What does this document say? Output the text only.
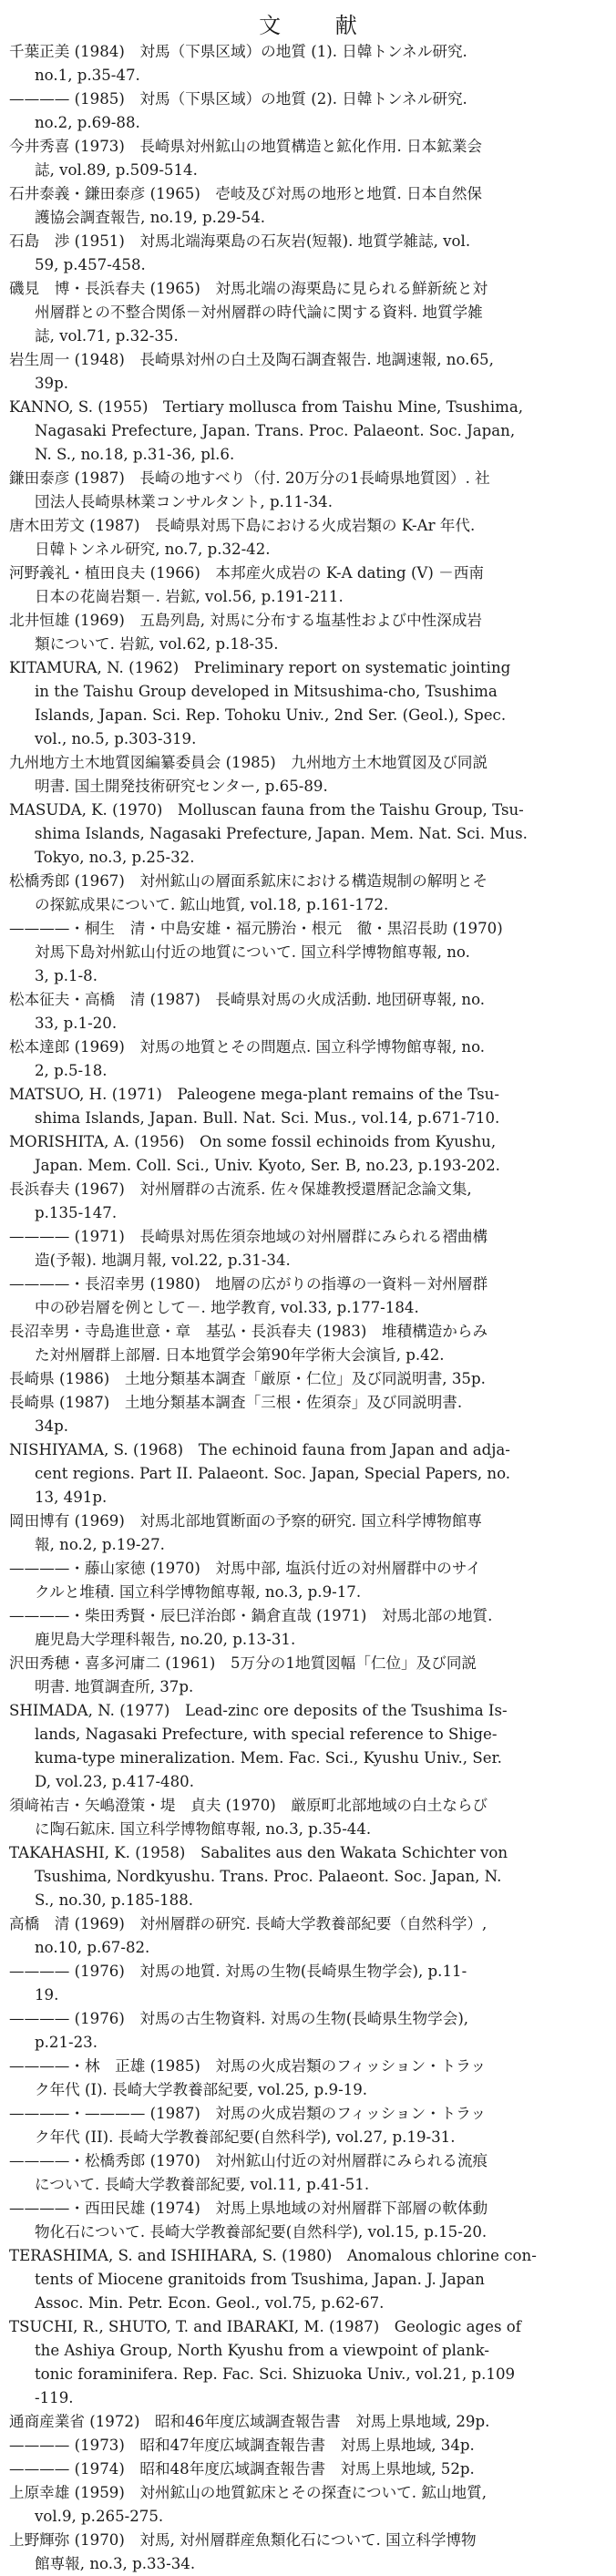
文 献
千葉正美 (1984)　対馬（下県区域）の地質 (1). 日韓トンネル研究.
no.1, p.35-47.
———— (1985)　対馬（下県区域）の地質 (2). 日韓トンネル研究.
no.2, p.69-88.
今井秀喜 (1973)　長崎県対州鉱山の地質構造と鉱化作用. 日本鉱業会
誌, vol.89, p.509-514.
石井泰義・鎌田泰彦 (1965)　壱岐及び対馬の地形と地質. 日本自然保
護協会調査報告, no.19, p.29-54.
石島　渉 (1951)　対馬北端海栗島の石灰岩(短報). 地質学雑誌, vol.
59, p.457-458.
磯見　博・長浜春夫 (1965)　対馬北端の海栗島に見られる鮮新統と対
州層群との不整合関係－対州層群の時代論に関する資料. 地質学雑
誌, vol.71, p.32-35.
岩生周一 (1948)　長崎県対州の白土及陶石調査報告. 地調速報, no.65,
39p.
KANNO, S. (1955)　Tertiary mollusca from Taishu Mine, Tsushima,
Nagasaki Prefecture, Japan. Trans. Proc. Palaeont. Soc. Japan,
N. S., no.18, p.31-36, pl.6.
鎌田泰彦 (1987)　長崎の地すべり（付. 20万分の1長崎県地質図）. 社
団法人長崎県林業コンサルタント, p.11-34.
唐木田芳文 (1987)　長崎県対馬下島における火成岩類の K-Ar 年代.
日韓トンネル研究, no.7, p.32-42.
河野義礼・植田良夫 (1966)　本邦産火成岩の K-A dating (V) －西南
日本の花崗岩類－. 岩鉱, vol.56, p.191-211.
北井恒雄 (1969)　五島列島, 対馬に分布する塩基性および中性深成岩
類について. 岩鉱, vol.62, p.18-35.
KITAMURA, N. (1962)　Preliminary report on systematic jointing
in the Taishu Group developed in Mitsushima-cho, Tsushima
Islands, Japan. Sci. Rep. Tohoku Univ., 2nd Ser. (Geol.), Spec.
vol., no.5, p.303-319.
九州地方土木地質図編纂委員会 (1985)　九州地方土木地質図及び同説
明書. 国土開発技術研究センター, p.65-89.
MASUDA, K. (1970)　Molluscan fauna from the Taishu Group, Tsu-
shima Islands, Nagasaki Prefecture, Japan. Mem. Nat. Sci. Mus.
Tokyo, no.3, p.25-32.
松橋秀郎 (1967)　対州鉱山の層面系鉱床における構造規制の解明とそ
の探鉱成果について. 鉱山地質, vol.18, p.161-172.
————・桐生　清・中島安雄・福元勝治・根元　徹・黒沼長助 (1970)
対馬下島対州鉱山付近の地質について. 国立科学博物館専報, no.
3, p.1-8.
松本征夫・高橋　清 (1987)　長崎県対馬の火成活動. 地団研専報, no.
33, p.1-20.
松本達郎 (1969)　対馬の地質とその問題点. 国立科学博物館専報, no.
2, p.5-18.
MATSUO, H. (1971)　Paleogene mega-plant remains of the Tsu-
shima Islands, Japan. Bull. Nat. Sci. Mus., vol.14, p.671-710.
MORISHITA, A. (1956)　On some fossil echinoids from Kyushu,
Japan. Mem. Coll. Sci., Univ. Kyoto, Ser. B, no.23, p.193-202.
長浜春夫 (1967)　対州層群の古流系. 佐々保雄教授還暦記念論文集,
p.135-147.
———— (1971)　長崎県対馬佐須奈地域の対州層群にみられる褶曲構
造(予報). 地調月報, vol.22, p.31-34.
————・長沼幸男 (1980)　地層の広がりの指導の一資料－対州層群
中の砂岩層を例として－. 地学教育, vol.33, p.177-184.
長沼幸男・寺島進世意・章　基弘・長浜春夫 (1983)　堆積構造からみ
た対州層群上部層. 日本地質学会第90年学術大会演旨, p.42.
長崎県 (1986)　土地分類基本調査「厳原・仁位」及び同説明書, 35p.
長崎県 (1987)　土地分類基本調査「三根・佐須奈」及び同説明書.
34p.
NISHIYAMA, S. (1968)　The echinoid fauna from Japan and adja-
cent regions. Part II. Palaeont. Soc. Japan, Special Papers, no.
13, 491p.
岡田博有 (1969)　対馬北部地質断面の予察的研究. 国立科学博物館専
報, no.2, p.19-27.
————・藤山家徳 (1970)　対馬中部, 塩浜付近の対州層群中のサイ
クルと堆積. 国立科学博物館専報, no.3, p.9-17.
————・柴田秀賢・辰巳洋治郎・鍋倉直哉 (1971)　対馬北部の地質.
鹿児島大学理科報告, no.20, p.13-31.
沢田秀穂・喜多河庸二 (1961)　5万分の1地質図幅「仁位」及び同説
明書. 地質調査所, 37p.
SHIMADA, N. (1977)　Lead-zinc ore deposits of the Tsushima Is-
lands, Nagasaki Prefecture, with special reference to Shige-
kuma-type mineralization. Mem. Fac. Sci., Kyushu Univ., Ser.
D, vol.23, p.417-480.
須﨑祐吉・矢嶋澄策・堤　貞夫 (1970)　厳原町北部地域の白土ならび
に陶石鉱床. 国立科学博物館専報, no.3, p.35-44.
TAKAHASHI, K. (1958)　Sabalites aus den Wakata Schichter von
Tsushima, Nordkyushu. Trans. Proc. Palaeont. Soc. Japan, N.
S., no.30, p.185-188.
高橋　清 (1969)　対州層群の研究. 長崎大学教養部紀要（自然科学）,
no.10, p.67-82.
———— (1976)　対馬の地質. 対馬の生物(長崎県生物学会), p.11-
19.
———— (1976)　対馬の古生物資料. 対馬の生物(長崎県生物学会),
p.21-23.
————・林　正雄 (1985)　対馬の火成岩類のフィッション・トラッ
ク年代 (I). 長崎大学教養部紀要, vol.25, p.9-19.
————・———— (1987)　対馬の火成岩類のフィッション・トラッ
ク年代 (II). 長崎大学教養部紀要(自然科学), vol.27, p.19-31.
————・松橋秀郎 (1970)　対州鉱山付近の対州層群にみられる流痕
について. 長崎大学教養部紀要, vol.11, p.41-51.
————・西田民雄 (1974)　対馬上県地域の対州層群下部層の軟体動
物化石について. 長崎大学教養部紀要(自然科学), vol.15, p.15-20.
TERASHIMA, S. and ISHIHARA, S. (1980)　Anomalous chlorine con-
tents of Miocene granitoids from Tsushima, Japan. J. Japan
Assoc. Min. Petr. Econ. Geol., vol.75, p.62-67.
TSUCHI, R., SHUTO, T. and IBARAKI, M. (1987)　Geologic ages of
the Ashiya Group, North Kyushu from a viewpoint of plank-
tonic foraminifera. Rep. Fac. Sci. Shizuoka Univ., vol.21, p.109
-119.
通商産業省 (1972)　昭和46年度広域調査報告書　対馬上県地域, 29p.
———— (1973)　昭和47年度広域調査報告書　対馬上県地域, 34p.
———— (1974)　昭和48年度広域調査報告書　対馬上県地域, 52p.
上原幸雄 (1959)　対州鉱山の地質鉱床とその探査について. 鉱山地質,
vol.9, p.265-275.
上野輝弥 (1970)　対馬, 対州層群産魚類化石について. 国立科学博物
館専報, no.3, p.33-34.
